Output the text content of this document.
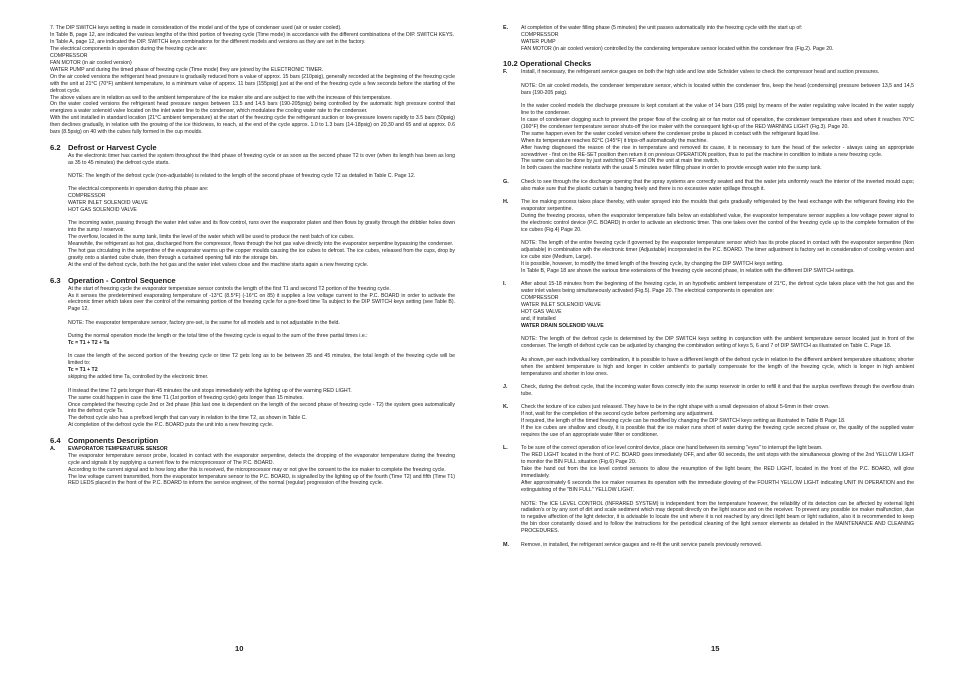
7. The DIP SWITCH keys setting is made in consideration of the model and of the type of condenser used (air or water cooled).

In Table B, page 12, are indicated the various lengths of the third portion of freezing cycle (Time mode) in accordance with the different combinations of the DIP. SWITCH KEYS.

In Table A, page 12, are indicated the DIP. SWITCH keys combinations for the different models and versions as they are set in the factory.

The electrical components in operation during the freezing cycle are:

COMPRESSOR

FAN MOTOR (in air cooled version)

WATER PUMP and during the timed phase of freezing cycle (Time mode) they are joined by the ELECTRONIC TIMER.

On the air cooled versions the refrigerant head pressure is gradually reduced from a value of approx. 15 bars (210psig), generally recorded at the beginning of the freezing cycle with the unit at 21°C (70°F) ambient temperature, to a minimum value of approx. 11 bars (155psig) just at the end of the freezing cycle a few seconds before the starting of the defrost cycle.

The above values are in relation as well to the ambient temperature of the ice maker site and are subject to rise with the increase of this temperature.

On the water cooled versions the refrigerant head pressure ranges between 13.5 and 14.5 bars (190-205psig) being controlled by the automatic high pressure control that energizes a water solenoid valve located on the inlet water line to the condenser, which modulates the cooling water rate to the condenser.

With the unit installed in standard location (21°C ambient temperature) at the start of the freezing cycle the refrigerant suction or low-pressure lowers rapidly to 3.5 bars (50psig) then declines gradually, in relation with the growing of the ice thickness, to reach, at the end of the cycle approx. 1.0 to 1.3 bars (14-18psig) on 20,30 and 65 and at approx. 0.6 bars (8.5psig) on 40 with the cubes fully formed in the cup moulds.

6.2 Defrost or Harvest Cycle

As the electronic timer has carried the system throughout the third phase of freezing cycle or as soon as the second phase T2 is over (when its length has been as long as 35 to 45 minutes) the defrost cycle starts.

NOTE: The length of the defrost cycle (non-adjustable) is related to the length of the second phase of freezing cycle T2 as detailed in Table C. Page 12.

The electrical components in operation during this phase are:

COMPRESSOR

WATER INLET SOLENOID VALVE

HOT GAS SOLENOID VALVE

The incoming water, passing through the water inlet valve and its flow control, runs over the evaporator platen and then flows by gravity through the dribbler holes down into the sump / reservoir.

The overflow, located in the sump tank, limits the level of the water which will be used to produce the next batch of ice cubes.

Meanwhile, the refrigerant as hot gas, discharged from the compressor, flows through the hot gas valve directly into the evaporator serpentine bypassing the condenser.

The hot gas circulating in the serpentine of the evaporator warms up the copper moulds causing the ice cubes to defrost. The ice cubes, released from the cups, drop by gravity onto a slanted cube chute, then through a curtained opening fall into the storage bin.

At the end of the defrost cycle, both the hot gas and the water inlet valves close and the machine starts again a new freezing cycle.

6.3 Operation - Control Sequence

At the start of freezing cycle the evaporator temperature sensor controls the length of the first T1 and second T2 portion of the freezing cycle.

As it senses the predetermined evaporating temperature of -13°C (8.5°F) (-16°C on 85) it supplies a low voltage current to the P.C. BOARD in order to activate the electronic timer which takes over the control of the remaining portion of the freezing cycle for a pre-fixed time Ta subject to the DIP SWITCH keys setting (see Table B). Page 12.

NOTE: The evaporator temperature sensor, factory pre-set, is the same for all models and is not adjustable in the field.

During the normal operation mode the length or the total time of the freezing cycle is equal to the sum of the three partial times i.e.:

Tc = T1 + T2 + Ta

In case the length of the second portion of the freezing cycle or time T2 gets long as to be between 35 and 45 minutes, the total length of the freezing cycle will be limited to:

Tc = T1 + T2

skipping the added time Ta, controlled by the electronic timer.

If instead the time T2 gets longer than 45 minutes the unit stops immediately with the lighting up of the warning RED LIGHT.

The same could happen in case the time T1 (1st portion of freezing cycle) gets longer than 15 minutes.

Once completed the freezing cycle 2nd or 3rd phase (this last one is dependent on the length of the second phase of freezing cycle - T2) the system goes automatically into the defrost cycle Ts.

The defrost cycle also has a prefixed length that can vary in relation to the time T2, as shown in Table C.

At completion of the defrost cycle the P.C. BOARD puts the unit into a new freezing cycle.

6.4 Components Description
A.	EVAPORATOR TEMPERATURE SENSOR

The evaporator temperature sensor probe, located in contact with the evaporator serpentine, detects the dropping of the evaporator temperature during the freezing cycle and signals it by supplying a current flow to the microprocessor of The P.C. BOARD.

According to the current signal and to how long after this is received, the microprocessor may or not give the consent to the ice maker to complete the freezing cycle.

The low voltage current transmitted, from the evaporator temperature sensor to the P.C. BOARD, is signalled by the lighting up of the fourth (Time T2) and fifth (Time T1) RED LEDS placed in the front of the P.C. BOARD to inform the service engineer, of the normal (regular) progression of the freezing cycle.

10
E.	At completion of the water filling phase (5 minutes) the unit passes automatically into the freezing cycle with the start up of:

COMPRESSOR

WATER PUMP

FAN MOTOR (in air cooled version) controlled by the condensing temperature sensor located within the condenser fins (Fig.2). Page 20.

10.2 Operational Checks
F.	Install, if necessary, the refrigerant service gauges on both the high side and low side Schräder valves to check the compressor head and suction pressures.

NOTE: On air cooled models, the condenser temperature sensor, which is located within the condenser fins, keep the head (condensing) pressure between 13,5 and 14,5 bars (190-205 psig).

In the water cooled models the discharge pressure is kept constant at the value of 14 bars (195 psig) by means of the water regulating valve located in the water supply line to the condenser.

In case of condenser clogging such to prevent the proper flow of the cooling air or fan motor out of operation, the condenser temperature rises and when it reaches 70°C (160°F) the condenser temperature sensor shuts-off the ice maker with the consequent light-up of the RED WARNING LIGHT (Fig.3). Page 20.

The same happen even for the water cooled version where the condenser probe is placed in contact with the refrigerant liquid line.

When its temperature reaches 82°C (145°F) it trips-off automatically the machine.

After having diagnosed the reason of the rise in temperature and removed its cause, it is necessary to turn the head of the selector - always using an appropriate screwdriver - first on the RE-SET position then return it on previous OPERATION position, thus to put the machine in condition to initiate a new freezing cycle.

The same can also be done by just switching OFF and ON the unit at main line switch.

In both cases the machine restarts with the usual 5 minutes water filling phase in order to provide enough water into the sump tank.

G.	Check to see through the ice discharge opening that the spray systems are correctly seated and that the water jets uniformly reach the interior of the inverted mould cups; also make sure that the plastic curtain is hanging freely and there is no excessive water spillage through it.

H.	The ice making process takes place thereby, with water sprayed into the moulds that gets gradually refrigerated by the heat exchange with the refrigerant flowing into the evaporator serpentine.

During the freezing process, when the evaporator temperature falls below an established value, the evaporator temperature sensor supplies a low voltage power signal to the electronic control device (P.C. BOARD) in order to activate an electronic timer. This one takes over the control of the freezing cycle up to the complete formation of the ice cubes (Fig.4) Page 20.

NOTE: The length of the entire freezing cycle if governed by the evaporator temperature sensor which has its probe placed in contact with the evaporator serpentine (Non adjustable) in combination with the electronic timer (Adjustable) incorporated in the P.C. BOARD. The timer adjustment is factory set in consideration of cooling version and ice cube size (Medium, Large).

It is possible, however, to modify the timed length of the freezing cycle, by changing the DIP SWITCH keys setting.

In Table B, Page 18 are shown the various time extensions of the freezing cycle second phase, in relation with the different DIP SWITCH settings.

I.	After about 15-18 minutes from the beginning of the freezing cycle, in an hypothetic ambient temperature of 21°C, the defrost cycle takes place with the hot gas and the water inlet valves being simultaneously activated (Fig.5). Page 20. The electrical components in operation are:

COMPRESSOR

WATER INLET SOLENOID VALVE

HOT GAS VALVE

and, if installed

WATER DRAIN SOLENOID VALVE

NOTE: The length of the defrost cycle is determined by the DIP SWITCH keys setting in conjunction with the ambient temperature sensor located just in front of the condenser. The length of defrost cycle can be adjusted by changing the combination setting of keys 5, 6 and 7 of DIP SWITCH as illustrated on Table C. Page 18.

As shown, per each individual key combination, it is possible to have a different length of the defrost cycle in relation to the different ambient temperature situations; shorter when the ambient temperature is high and longer in colder ambient's to partially compensate for the length of the freezing cycle, which is longer in high ambient temperatures and shorter in low ones.

J.	Check, during the defrost cycle, that the incoming water flows correctly into the sump reservoir in order to refill it and that the surplus overflows through the overflow drain tube.

K.	Check the texture of ice cubes just released. They have to be in the right shape with a small depression of about 5-6mm in their crown.

If not, wait for the completion of the second cycle before performing any adjustment.

If required, the length of the timed freezing cycle can be modified by changing the DIP SWITCH keys setting as illustrated in Table B Page 18.

If the ice cubes are shallow and cloudy, it is possible that the ice maker runs short of water during the freezing cycle second phase or, the quality of the supplied water requires the use of an appropriate water filter or conditioner.

L.	To be sure of the correct operation of ice level control device, place one hand between its sensing "eyes" to interrupt the light beam.

The RED LIGHT located in the front of P.C. BOARD goes immediately OFF, and after 60 seconds, the unit stops with the simultaneous glowing of the 2nd YELLOW LIGHT to monitor the BIN FULL situation (Fig.6) Page 20.

Take the hand out from the ice level control sensors to allow the resumption of the light beam; the RED LIGHT, located in the front of the P.C. BOARD, will glow immediately.

After approximately 6 seconds the ice maker resumes its operation with the immediate glowing of the FOURTH YELLOW LIGHT indicating UNIT IN OPERATION and the extinguishing of the "BIN FULL" YELLOW LIGHT.

NOTE: The ICE LEVEL CONTROL (INFRARED SYSTEM) is independent from the temperature however, the reliability of its detection can be affected by external light radiation's or by any sort of dirt and scale sediment which may deposit directly on the light source and on the receiver. To prevent any possible ice maker malfunction, due to negative affection of the light detector, it is advisable to locate the unit where it is not reached by any direct light beam or light radiation, also it is recommended to keep the bin door constantly closed and to follow the instructions for the periodical cleaning of the light sensor elements as detailed in the MAINTENANCE AND CLEANING PROCEDURES.

M.	Remove, in installed, the refrigerant service gauges and re-fit the unit service panels previously removed.

15
